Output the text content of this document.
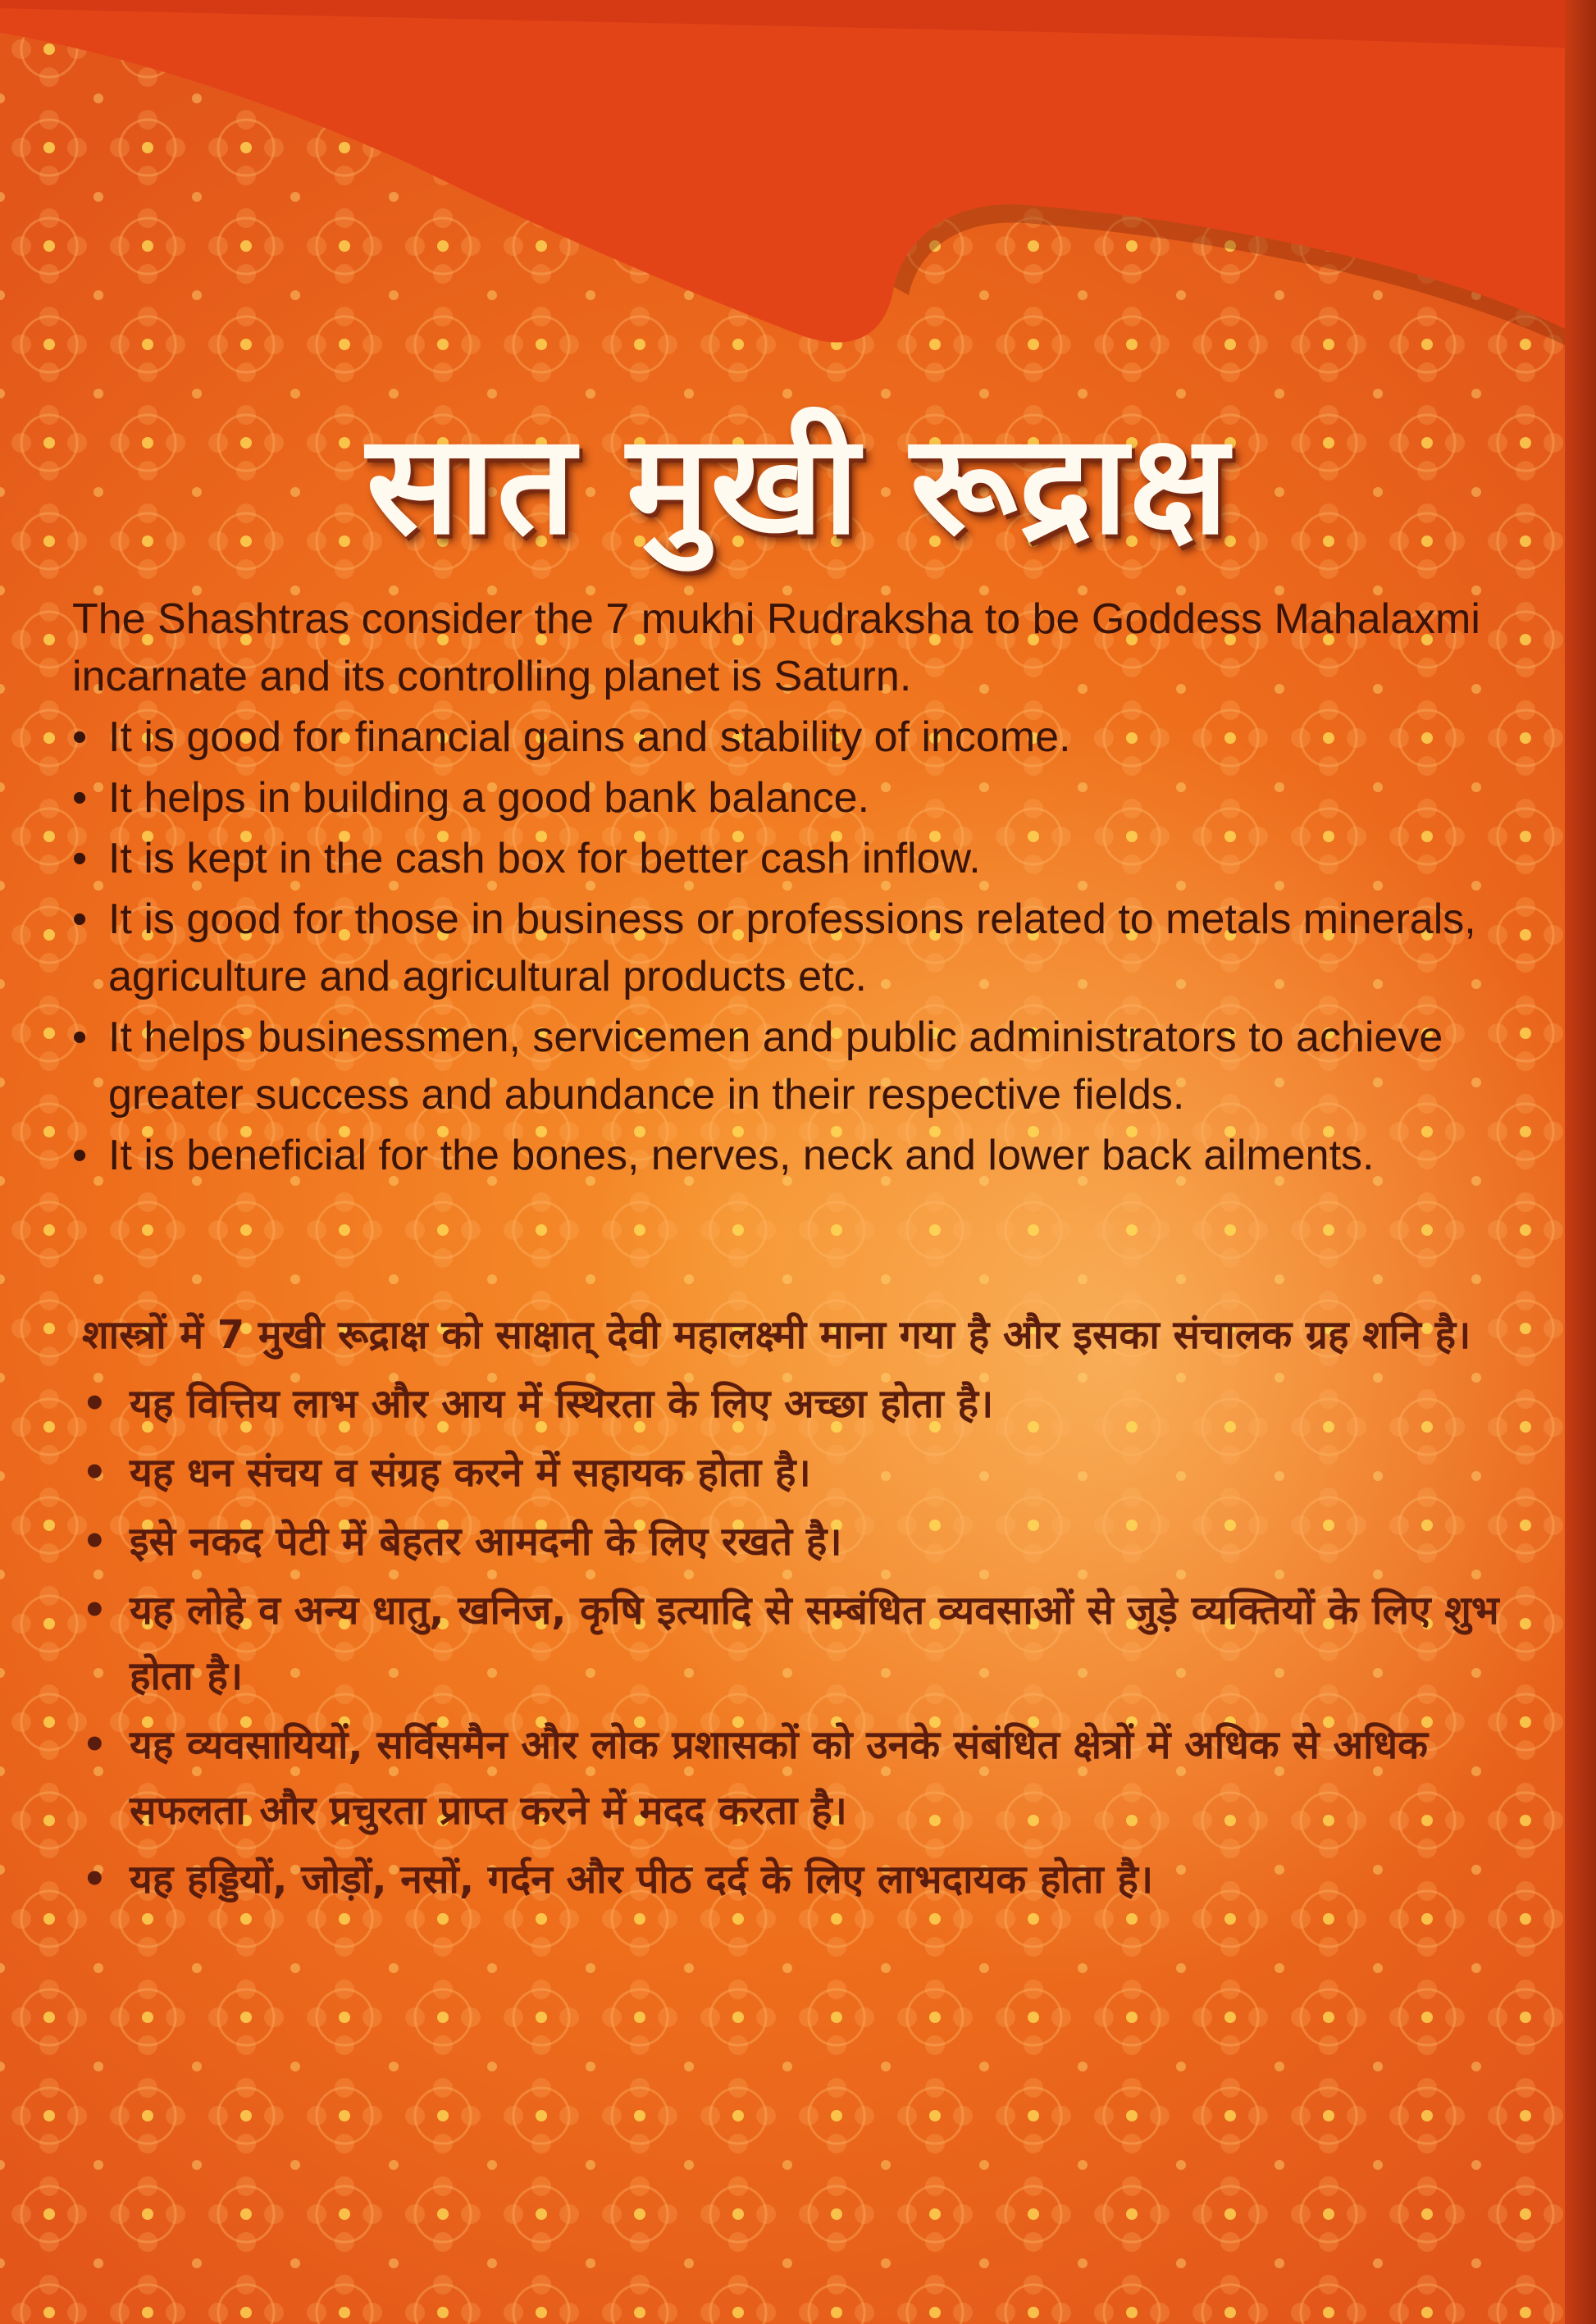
सात मुखी रूद्राक्ष

The Shashtras consider the 7 mukhi Rudraksha to be Goddess Mahalaxmi incarnate and its controlling planet is Saturn.

• It is good for financial gains and stability of income.
• It helps in building a good bank balance.
• It is kept in the cash box for better cash inflow.
• It is good for those in business or professions related to metals minerals, agriculture and agricultural products etc.
• It helps businessmen, servicemen and public administrators to achieve greater success and abundance in their respective fields.
• It is beneficial for the bones, nerves, neck and lower back ailments.

शास्त्रों में 7 मुखी रूद्राक्ष को साक्षात् देवी महालक्ष्मी माना गया है और इसका संचालक ग्रह शनि है।

• यह वित्तिय लाभ और आय में स्थिरता के लिए अच्छा होता है।
• यह धन संचय व संग्रह करने में सहायक होता है।
• इसे नकद पेटी में बेहतर आमदनी के लिए रखते है।
• यह लोहे व अन्य धातु, खनिज, कृषि इत्यादि से सम्बंधित व्यवसाओं से जुड़े व्यक्तियों के लिए शुभ होता है।
• यह व्यवसायियों, सर्विसमैन और लोक प्रशासकों को उनके संबंधित क्षेत्रों में अधिक से अधिक सफलता और प्रचुरता प्राप्त करने में मदद करता है।
• यह हड्डियों, जोड़ों, नसों, गर्दन और पीठ दर्द के लिए लाभदायक होता है।
